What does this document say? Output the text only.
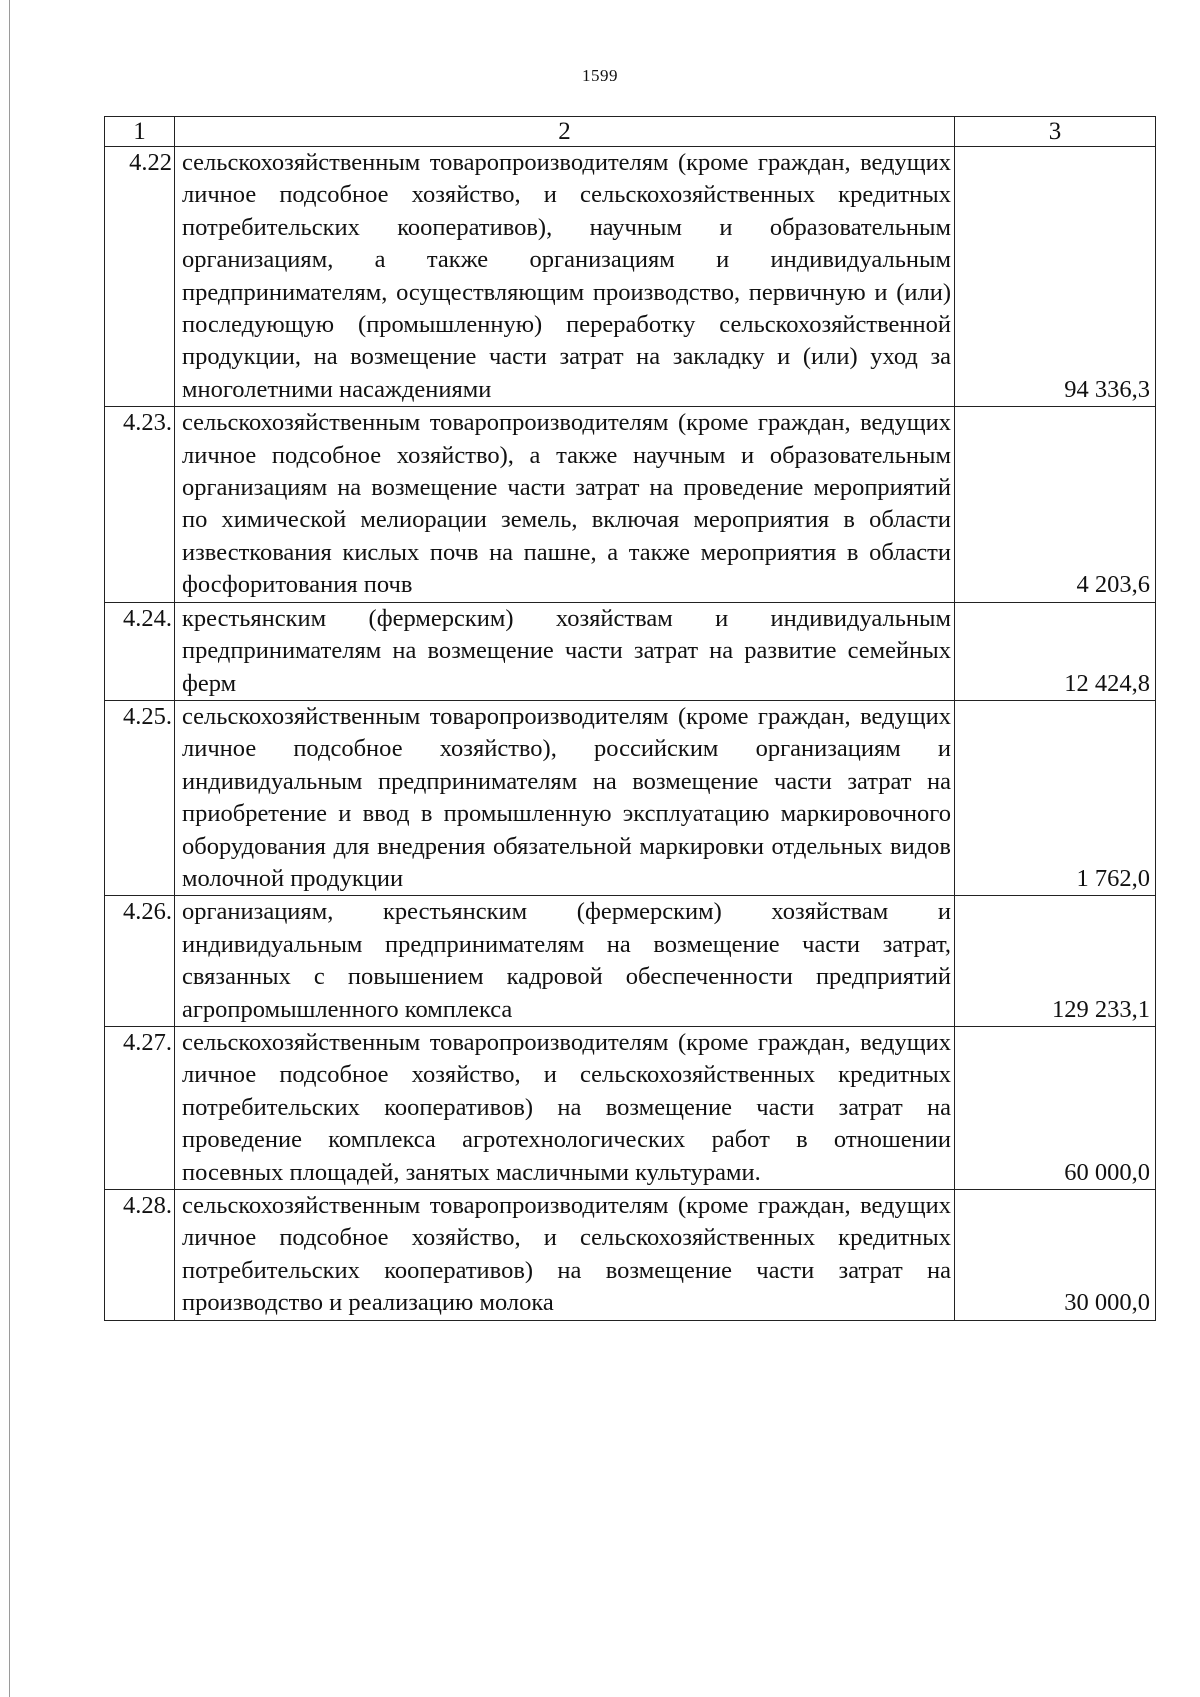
1599
1	2	3
4.22	сельскохозяйственным товаропроизводителям (кроме граждан, ведущих личное подсобное хозяйство, и сельскохозяйственных кредитных потребительских кооперативов), научным и образовательным организациям, а также организациям и индивидуальным предпринимателям, осуществляющим производство, первичную и (или) последующую (промышленную) переработку сельскохозяйственной продукции, на возмещение части затрат на закладку и (или) уход за многолетними насаждениями	94 336,3
4.23.	сельскохозяйственным товаропроизводителям (кроме граждан, ведущих личное подсобное хозяйство), а также научным и образовательным организациям на возмещение части затрат на проведение мероприятий по химической мелиорации земель, включая мероприятия в области известкования кислых почв на пашне, а также мероприятия в области фосфоритования почв	4 203,6
4.24.	крестьянским (фермерским) хозяйствам и индивидуальным предпринимателям на возмещение части затрат на развитие семейных ферм	12 424,8
4.25.	сельскохозяйственным товаропроизводителям (кроме граждан, ведущих личное подсобное хозяйство), российским организациям и индивидуальным предпринимателям на возмещение части затрат на приобретение и ввод в промышленную эксплуатацию маркировочного оборудования для внедрения обязательной маркировки отдельных видов молочной продукции	1 762,0
4.26.	организациям, крестьянским (фермерским) хозяйствам и индивидуальным предпринимателям на возмещение части затрат, связанных с повышением кадровой обеспеченности предприятий агропромышленного комплекса	129 233,1
4.27.	сельскохозяйственным товаропроизводителям (кроме граждан, ведущих личное подсобное хозяйство, и сельскохозяйственных кредитных потребительских кооперативов) на возмещение части затрат на проведение комплекса агротехнологических работ в отношении посевных площадей, занятых масличными культурами.	60 000,0
4.28.	сельскохозяйственным товаропроизводителям (кроме граждан, ведущих личное подсобное хозяйство, и сельскохозяйственных кредитных потребительских кооперативов) на возмещение части затрат на производство и реализацию молока	30 000,0
